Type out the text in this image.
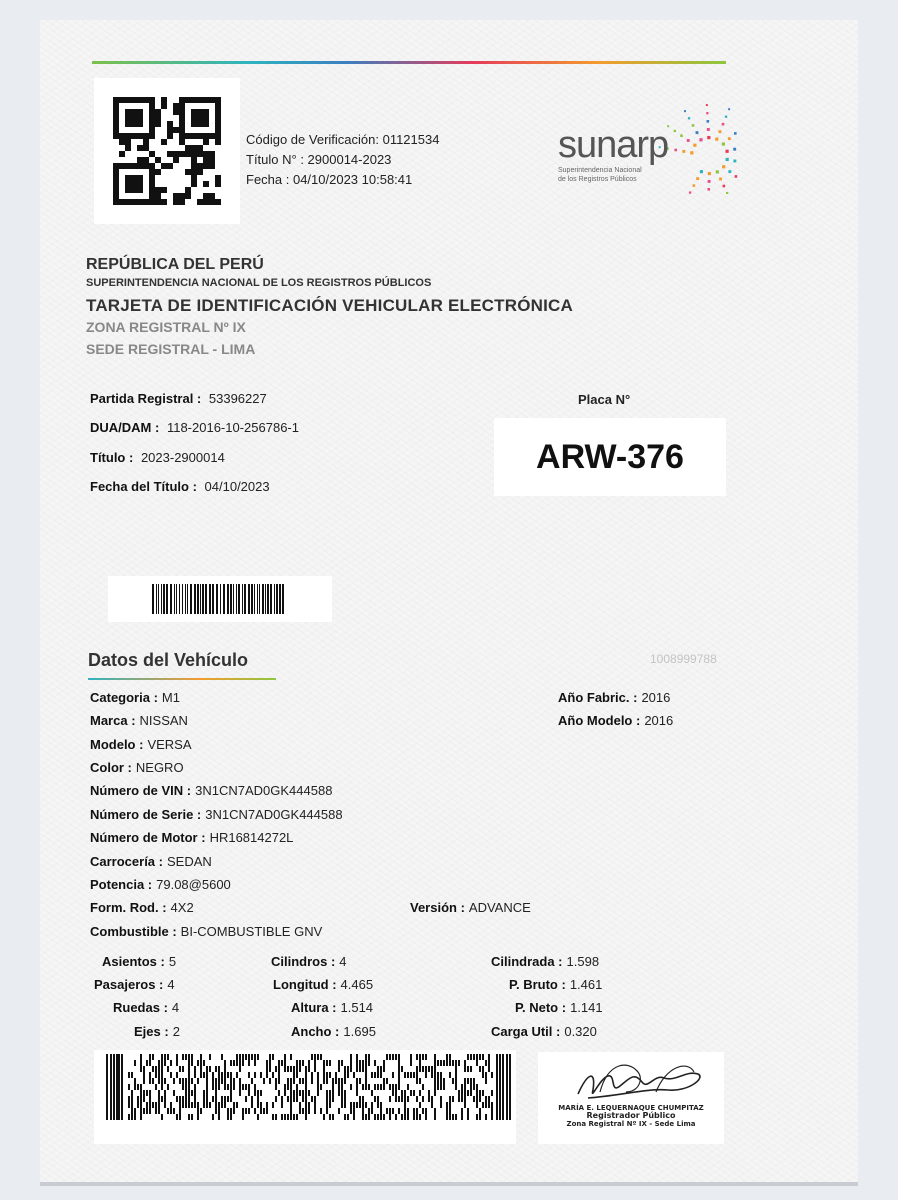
Código de Verificación: 01121534
Título N° : 2900014-2023
Fecha : 04/10/2023 10:58:41
sunarp
Superintendencia Nacional
de los Registros Públicos
REPÚBLICA DEL PERÚ
SUPERINTENDENCIA NACIONAL DE LOS REGISTROS PÚBLICOS
TARJETA DE IDENTIFICACIÓN VEHICULAR ELECTRÓNICA
ZONA REGISTRAL Nº IX
SEDE REGISTRAL - LIMA
Partida Registral : 53396227
DUA/DAM : 118-2016-10-256786-1
Título : 2023-2900014
Fecha del Título : 04/10/2023
Placa N°
ARW-376
Datos del Vehículo	1008999788
Categoria : M1
Marca : NISSAN
Modelo : VERSA
Color : NEGRO
Número de VIN : 3N1CN7AD0GK444588
Número de Serie : 3N1CN7AD0GK444588
Número de Motor : HR16814272L
Carrocería : SEDAN
Potencia : 79.08@5600
Form. Rod. : 4X2	Versión : ADVANCE
Combustible : BI-COMBUSTIBLE GNV
Año Fabric. : 2016
Año Modelo : 2016
Asientos : 5
Pasajeros : 4
Ruedas : 4
Ejes : 2
Cilindros : 4
Longitud : 4.465
Altura : 1.514
Ancho : 1.695
Cilindrada : 1.598
P. Bruto : 1.461
P. Neto : 1.141
Carga Util : 0.320
MARÍA E. LEQUERNAQUE CHUMPITAZ
Registrador Público
Zona Registral Nº IX - Sede Lima
